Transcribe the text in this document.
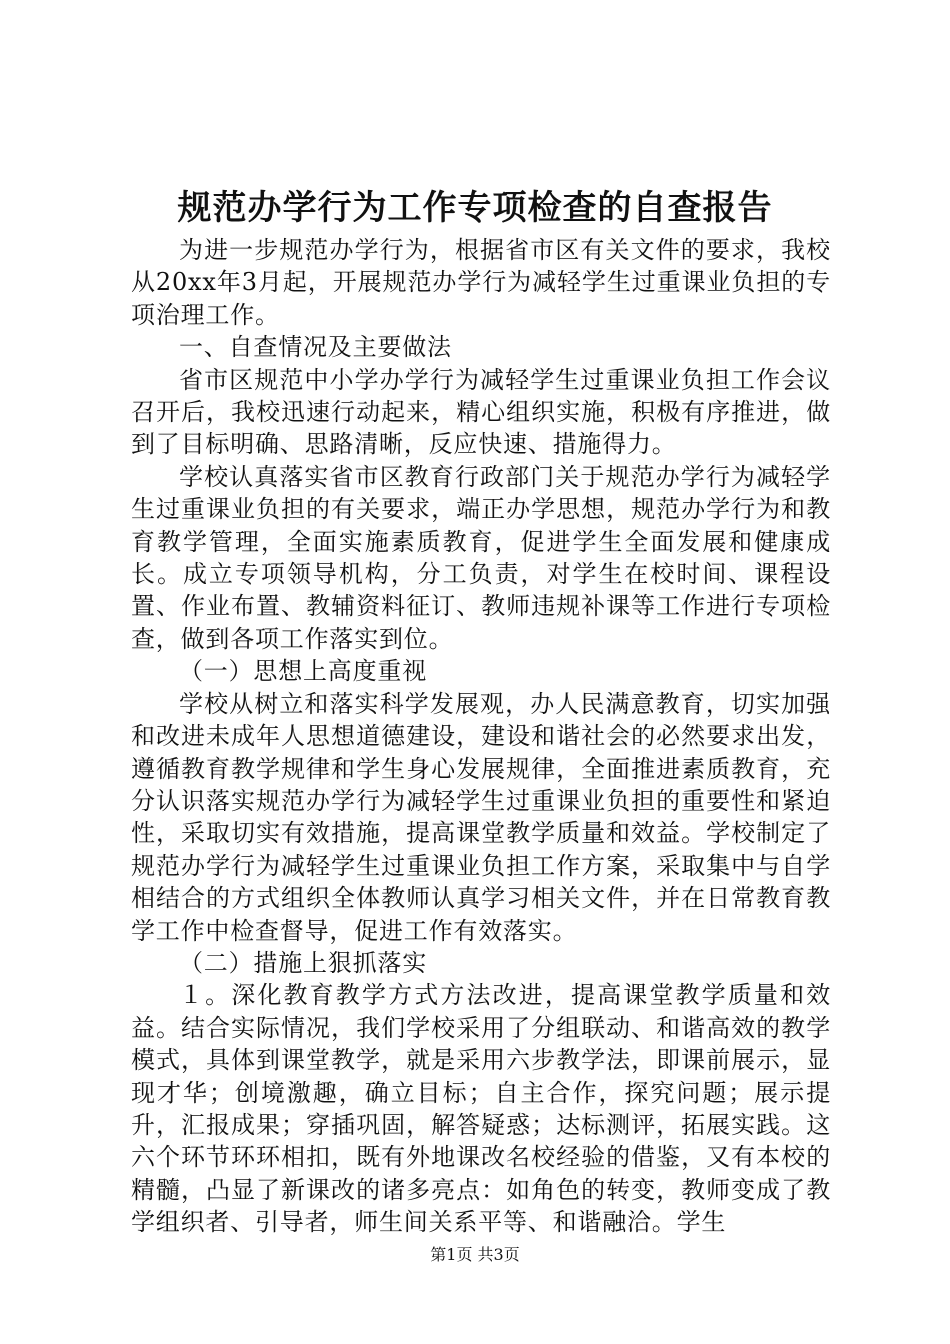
规范办学行为工作专项检查的自查报告

为进一步规范办学行为，根据省市区有关文件的要求，我校从20xx年3月起，开展规范办学行为减轻学生过重课业负担的专项治理工作。

一、自查情况及主要做法

省市区规范中小学办学行为减轻学生过重课业负担工作会议召开后，我校迅速行动起来，精心组织实施，积极有序推进，做到了目标明确、思路清晰，反应快速、措施得力。

学校认真落实省市区教育行政部门关于规范办学行为减轻学生过重课业负担的有关要求，端正办学思想，规范办学行为和教育教学管理，全面实施素质教育，促进学生全面发展和健康成长。成立专项领导机构，分工负责，对学生在校时间、课程设置、作业布置、教辅资料征订、教师违规补课等工作进行专项检查，做到各项工作落实到位。

（一）思想上高度重视

学校从树立和落实科学发展观，办人民满意教育，切实加强和改进未成年人思想道德建设，建设和谐社会的必然要求出发，遵循教育教学规律和学生身心发展规律，全面推进素质教育，充分认识落实规范办学行为减轻学生过重课业负担的重要性和紧迫性，采取切实有效措施，提高课堂教学质量和效益。学校制定了规范办学行为减轻学生过重课业负担工作方案，采取集中与自学相结合的方式组织全体教师认真学习相关文件，并在日常教育教学工作中检查督导，促进工作有效落实。

（二）措施上狠抓落实

１。深化教育教学方式方法改进，提高课堂教学质量和效益。结合实际情况，我们学校采用了分组联动、和谐高效的教学模式，具体到课堂教学，就是采用六步教学法，即课前展示，显现才华；创境激趣，确立目标；自主合作，探究问题；展示提升，汇报成果；穿插巩固，解答疑惑；达标测评，拓展实践。这六个环节环环相扣，既有外地课改名校经验的借鉴，又有本校的精髓，凸显了新课改的诸多亮点：如角色的转变，教师变成了教学组织者、引导者，师生间关系平等、和谐融洽。学生

第1页 共3页
